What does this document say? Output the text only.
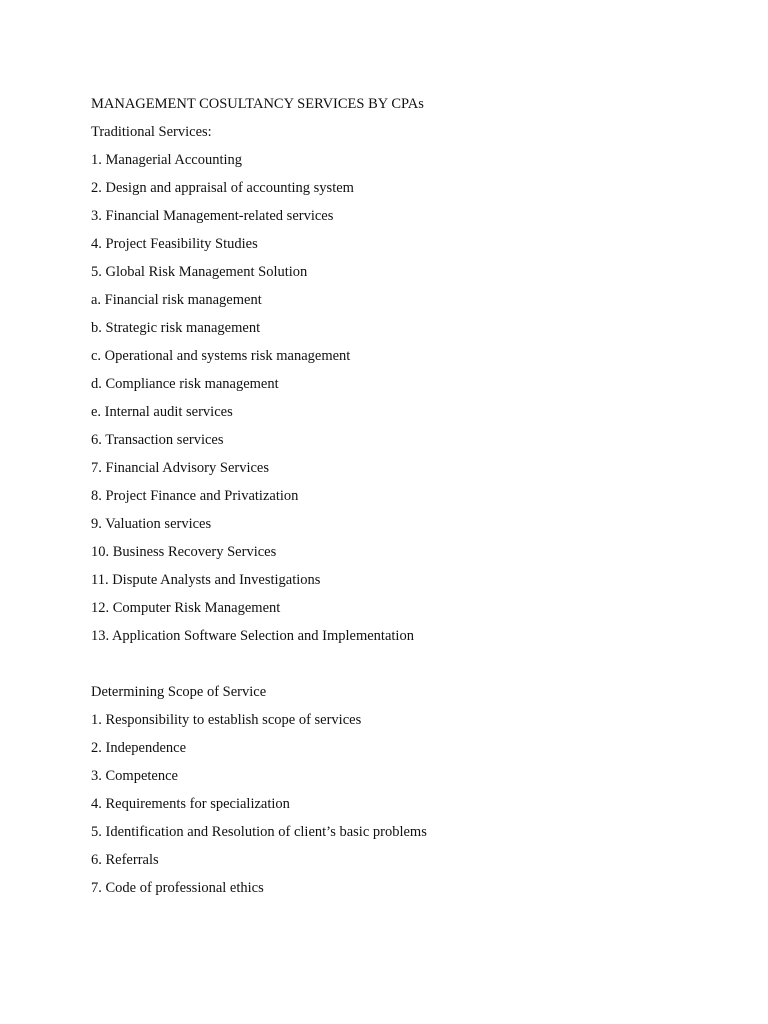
MANAGEMENT COSULTANCY SERVICES BY CPAs
Traditional Services:
1. Managerial Accounting
2. Design and appraisal of accounting system
3. Financial Management-related services
4. Project Feasibility Studies
5. Global Risk Management Solution
a. Financial risk management
b. Strategic risk management
c. Operational and systems risk management
d. Compliance risk management
e. Internal audit services
6. Transaction services
7. Financial Advisory Services
8. Project Finance and Privatization
9. Valuation services
10. Business Recovery Services
11. Dispute Analysts and Investigations
12. Computer Risk Management
13. Application Software Selection and Implementation
Determining Scope of Service
1. Responsibility to establish scope of services
2. Independence
3. Competence
4. Requirements for specialization
5. Identification and Resolution of client’s basic problems
6. Referrals
7. Code of professional ethics
